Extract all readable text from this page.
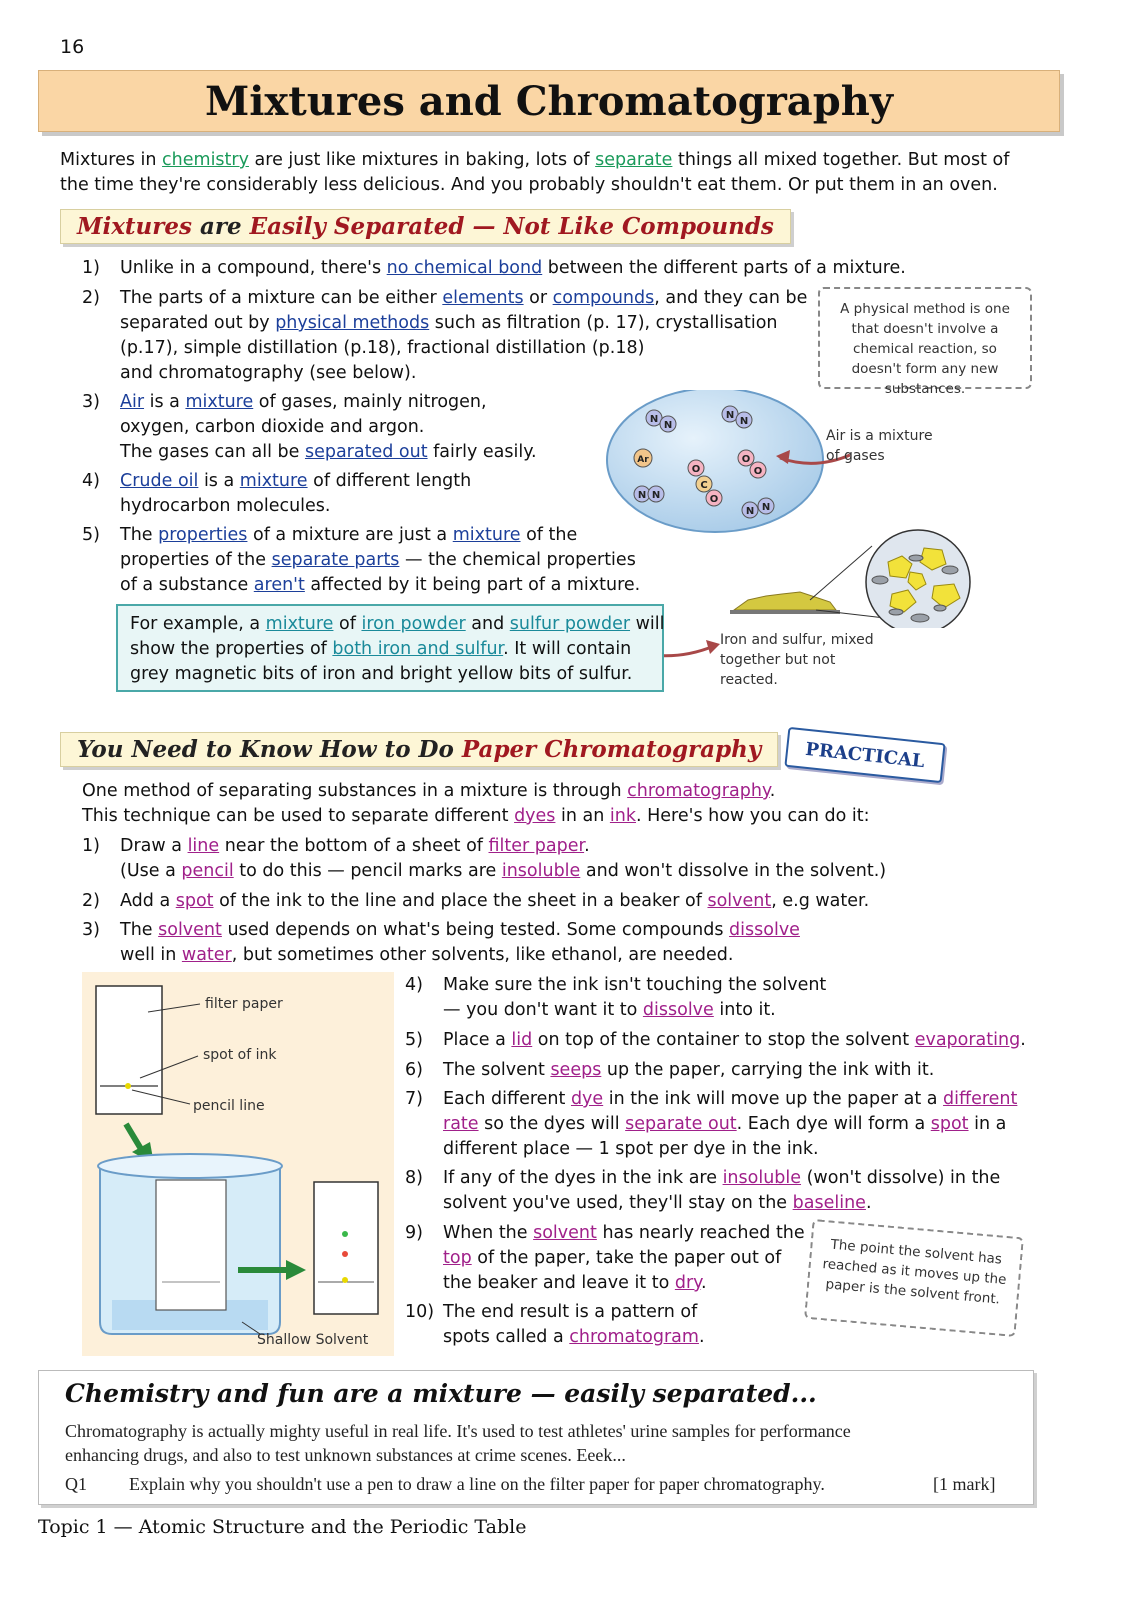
16
Mixtures and Chromatography
Mixtures in chemistry are just like mixtures in baking, lots of separate things all mixed together. But most of
the time they're considerably less delicious. And you probably shouldn't eat them. Or put them in an oven.
Mixtures are Easily Separated — Not Like Compounds
1) Unlike in a compound, there's no chemical bond between the different parts of a mixture.
2) The parts of a mixture can be either elements or compounds, and they can be
separated out by physical methods such as filtration (p. 17), crystallisation
(p.17), simple distillation (p.18), fractional distillation (p.18)
and chromatography (see below).
3) Air is a mixture of gases, mainly nitrogen,
oxygen, carbon dioxide and argon.
The gases can all be separated out fairly easily.
4) Crude oil is a mixture of different length
hydrocarbon molecules.
5) The properties of a mixture are just a mixture of the
properties of the separate parts — the chemical properties
of a substance aren't affected by it being part of a mixture.
A physical method is one that doesn't involve a chemical reaction, so doesn't form any new substances.
N
N
N
N
Ar
O
C
O
O
O
N N
N N
Air is a mixture of gases
Iron and sulfur, mixed together but not reacted.
For example, a mixture of iron powder and sulfur powder will
show the properties of both iron and sulfur. It will contain
grey magnetic bits of iron and bright yellow bits of sulfur.
You Need to Know How to Do Paper Chromatography	PRACTICAL
One method of separating substances in a mixture is through chromatography.
This technique can be used to separate different dyes in an ink. Here's how you can do it:
1) Draw a line near the bottom of a sheet of filter paper.
(Use a pencil to do this — pencil marks are insoluble and won't dissolve in the solvent.)
2) Add a spot of the ink to the line and place the sheet in a beaker of solvent, e.g water.
3) The solvent used depends on what's being tested. Some compounds dissolve
well in water, but sometimes other solvents, like ethanol, are needed.
4) Make sure the ink isn't touching the solvent
— you don't want it to dissolve into it.
5) Place a lid on top of the container to stop the solvent evaporating.
6) The solvent seeps up the paper, carrying the ink with it.
7) Each different dye in the ink will move up the paper at a different
rate so the dyes will separate out. Each dye will form a spot in a
different place — 1 spot per dye in the ink.
8) If any of the dyes in the ink are insoluble (won't dissolve) in the
solvent you've used, they'll stay on the baseline.
9) When the solvent has nearly reached the
top of the paper, take the paper out of
the beaker and leave it to dry.
10) The end result is a pattern of
spots called a chromatogram.
The point the solvent has reached as it moves up the paper is the solvent front.
filter paper
spot of ink
pencil line
Shallow Solvent
Chemistry and fun are a mixture — easily separated...

Chromatography is actually mighty useful in real life. It's used to test athletes' urine samples for performance

enhancing drugs, and also to test unknown substances at crime scenes. Eeek...

Q1 Explain why you shouldn't use a pen to draw a line on the filter paper for paper chromatography.	[1 mark]

Topic 1 — Atomic Structure and the Periodic Table
